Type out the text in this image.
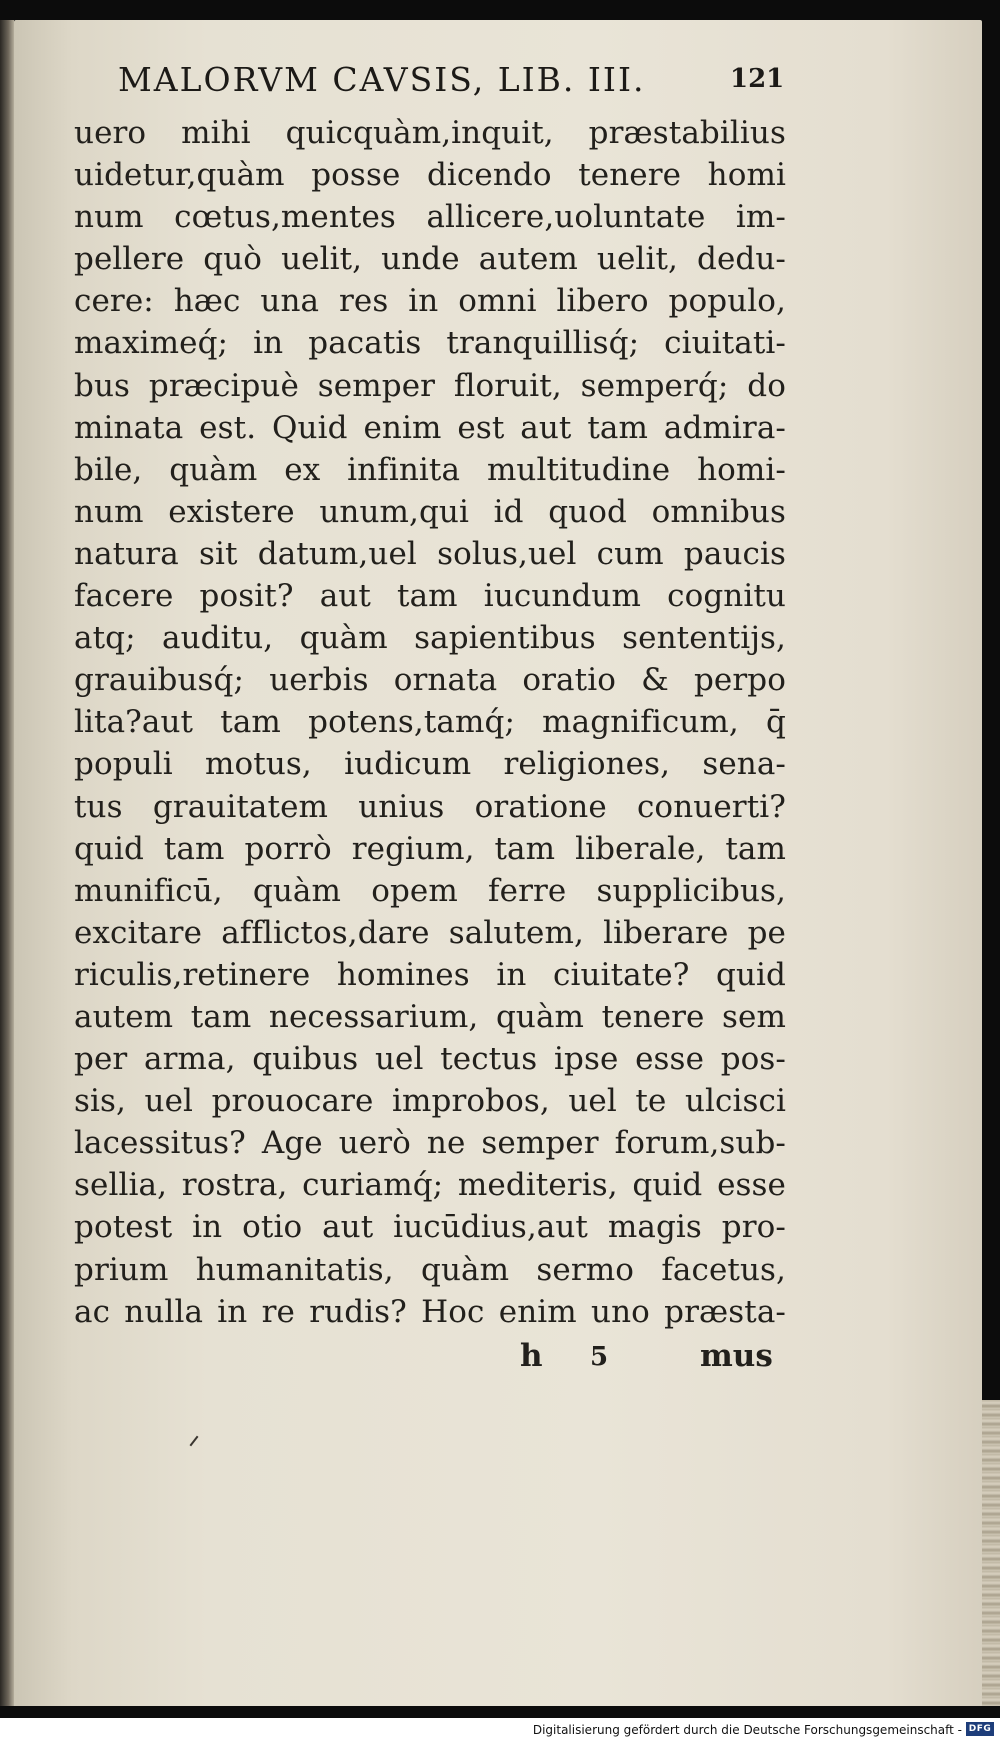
MALORVM CAVSIS, LIB. III.	121
uero mihi quicquàm,inquit, præstabilius
uidetur,quàm posse dicendo tenere homi
num cœtus,mentes allicere,uoluntate im-
pellere quò uelit, unde autem uelit, dedu-
cere: hæc una res in omni libero populo,
maximeq́; in pacatis tranquillisq́; ciuitati-
bus præcipuè semper floruit, semperq́; do
minata est. Quid enim est aut tam admira-
bile, quàm ex infinita multitudine homi-
num existere unum,qui id quod omnibus
natura sit datum,uel solus,uel cum paucis
facere posit? aut tam iucundum cognitu
atq; auditu, quàm sapientibus sententijs,
grauibusq́; uerbis ornata oratio & perpo
lita?aut tam potens,tamq́; magnificum, q̄
populi motus, iudicum religiones, sena-
tus grauitatem unius oratione conuerti?
quid tam porrò regium, tam liberale, tam
munificū, quàm opem ferre supplicibus,
excitare afflictos,dare salutem, liberare pe
riculis,retinere homines in ciuitate? quid
autem tam necessarium, quàm tenere sem
per arma, quibus uel tectus ipse esse pos-
sis, uel prouocare improbos, uel te ulcisci
lacessitus? Age uerò ne semper forum,sub-
sellia, rostra, curiamq́; mediteris, quid esse
potest in otio aut iucūdius,aut magis pro-
prium humanitatis, quàm sermo facetus,
ac nulla in re rudis? Hoc enim uno præsta-
h 5	mus
Digitalisierung gefördert durch die Deutsche Forschungsgemeinschaft - DFG
